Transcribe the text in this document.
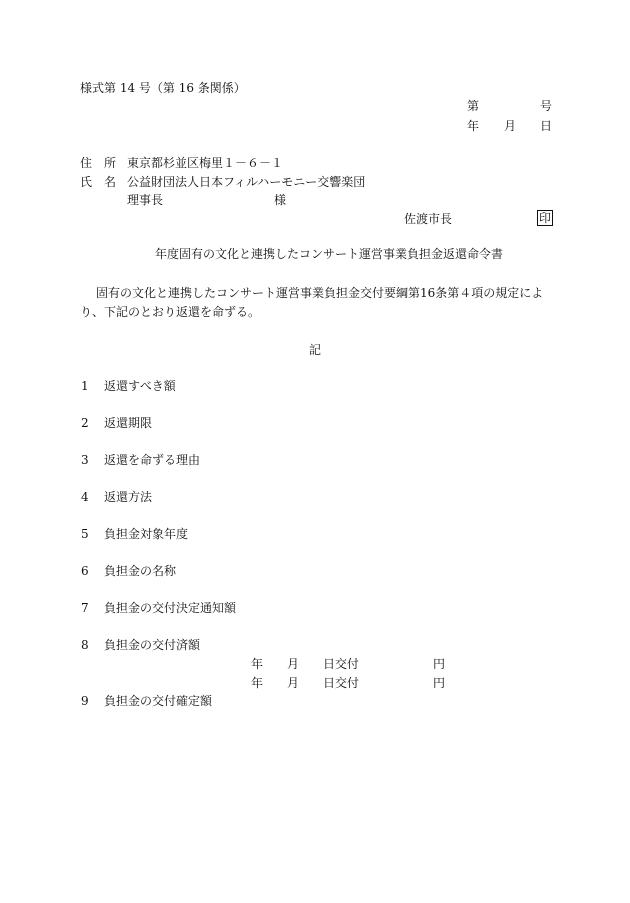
様式第 14 号（第 16 条関係）
第	号
年 月 日
住　所 東京都杉並区梅里１－６－１
氏　名 公益財団法人日本フィルハーモニー交響楽団
理事長	様
佐渡市長	印
年度固有の文化と連携したコンサート運営事業負担金返還命令書
固有の文化と連携したコンサート運営事業負担金交付要綱第16条第４項の規定によ
り、下記のとおり返還を命ずる。
記
1 返還すべき額
2 返還期限
3 返還を命ずる理由
4 返還方法
5 負担金対象年度
6 負担金の名称
7 負担金の交付決定通知額
8 負担金の交付済額
9 負担金の交付確定額
年 月 日交付	円
年 月 日交付	円
